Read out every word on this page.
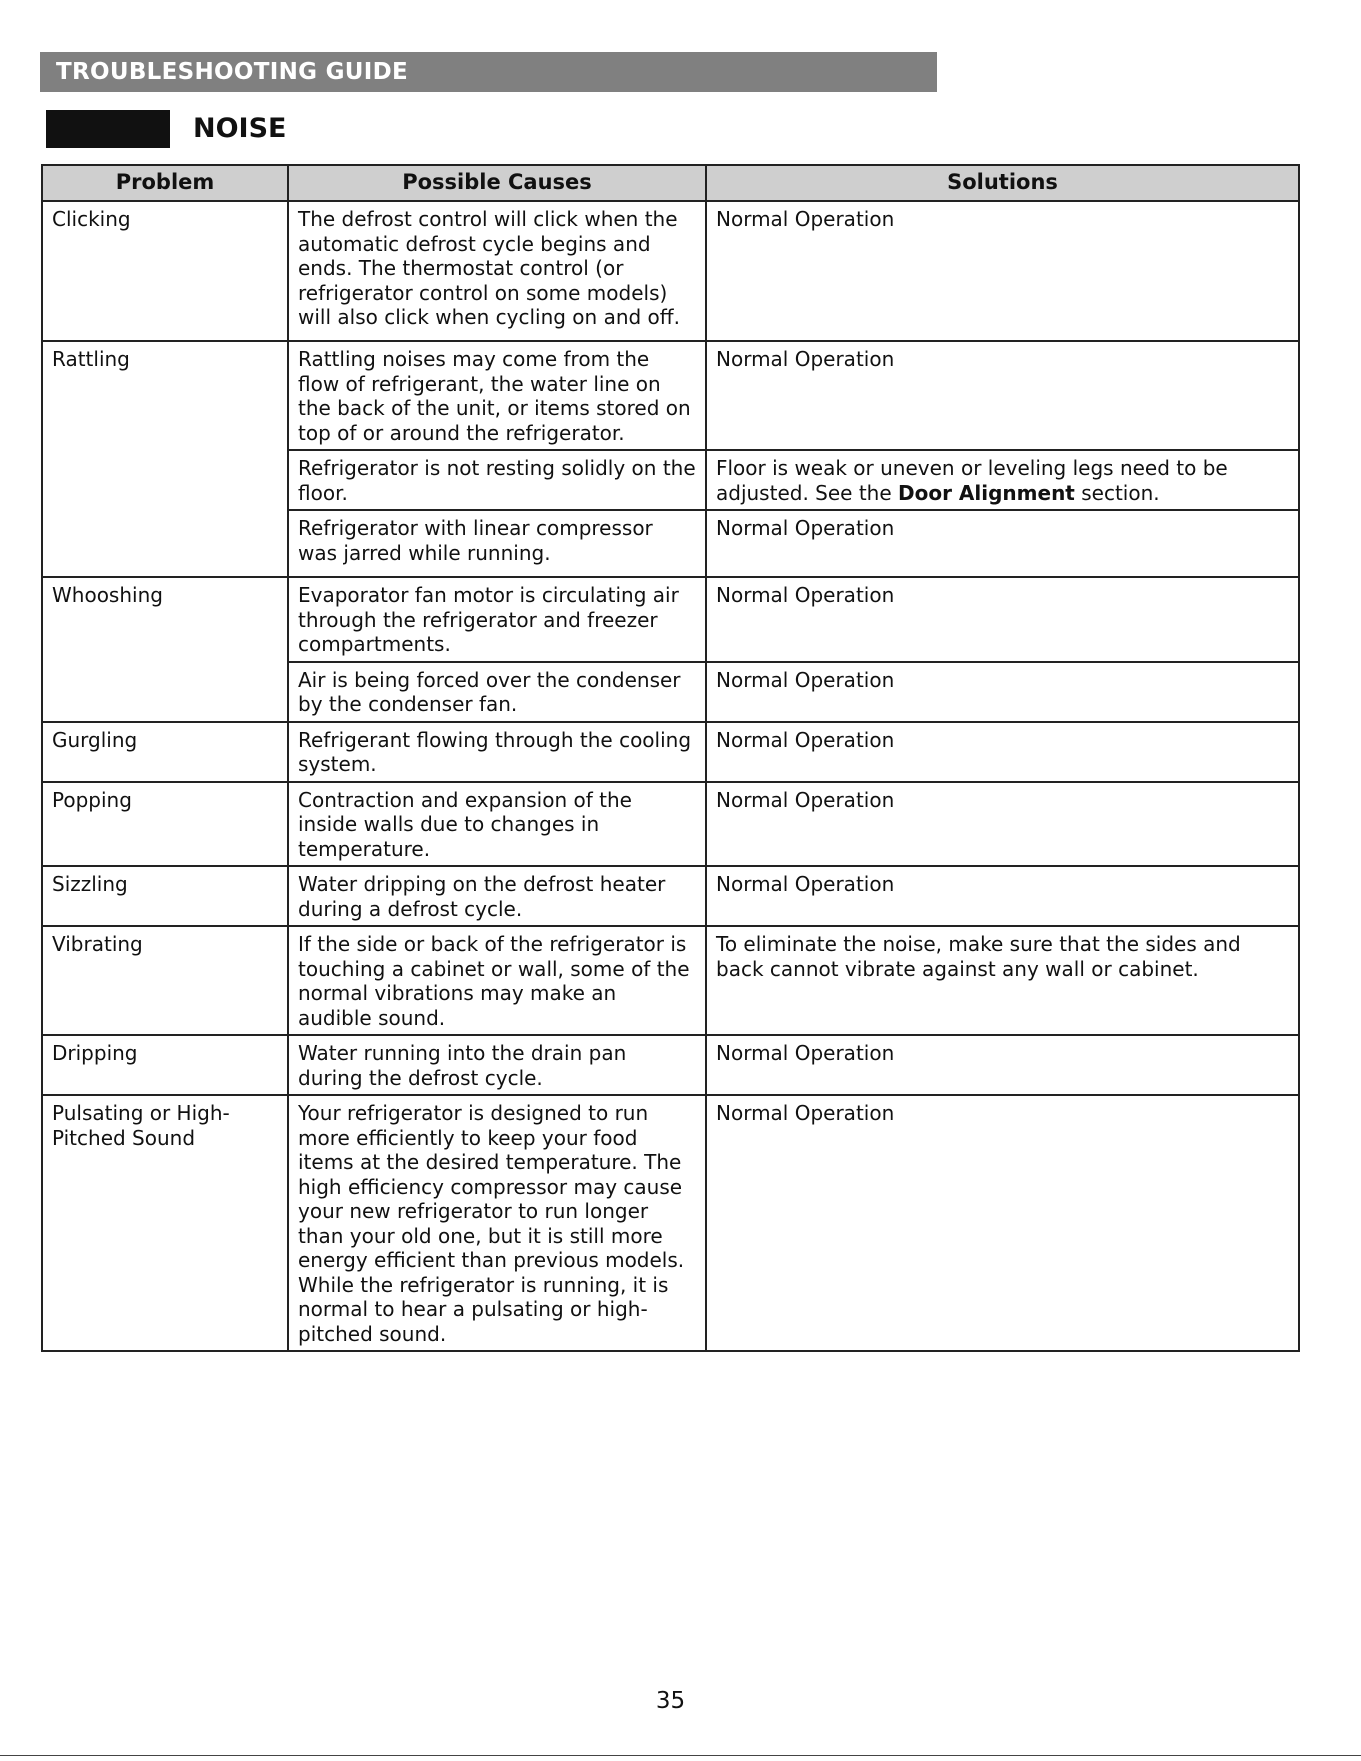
TROUBLESHOOTING GUIDE
NOISE
Problem	Possible Causes	Solutions
Clicking	The defrost control will click when the automatic defrost cycle begins and ends. The thermostat control (or refrigerator control on some models) will also click when cycling on and off.	Normal Operation
Rattling	Rattling noises may come from the flow of refrigerant, the water line on the back of the unit, or items stored on top of or around the refrigerator.	Normal Operation
	Refrigerator is not resting solidly on the floor.	Floor is weak or uneven or leveling legs need to be adjusted. See the Door Alignment section.
	Refrigerator with linear compressor was jarred while running.	Normal Operation
Whooshing	Evaporator fan motor is circulating air through the refrigerator and freezer compartments.	Normal Operation
	Air is being forced over the condenser by the condenser fan.	Normal Operation
Gurgling	Refrigerant flowing through the cooling system.	Normal Operation
Popping	Contraction and expansion of the inside walls due to changes in temperature.	Normal Operation
Sizzling	Water dripping on the defrost heater during a defrost cycle.	Normal Operation
Vibrating	If the side or back of the refrigerator is touching a cabinet or wall, some of the normal vibrations may make an audible sound.	To eliminate the noise, make sure that the sides and back cannot vibrate against any wall or cabinet.
Dripping	Water running into the drain pan during the defrost cycle.	Normal Operation
Pulsating or High-Pitched Sound	Your refrigerator is designed to run more efficiently to keep your food items at the desired temperature. The high efficiency compressor may cause your new refrigerator to run longer than your old one, but it is still more energy efficient than previous models. While the refrigerator is running, it is normal to hear a pulsating or high-pitched sound.	Normal Operation
35
